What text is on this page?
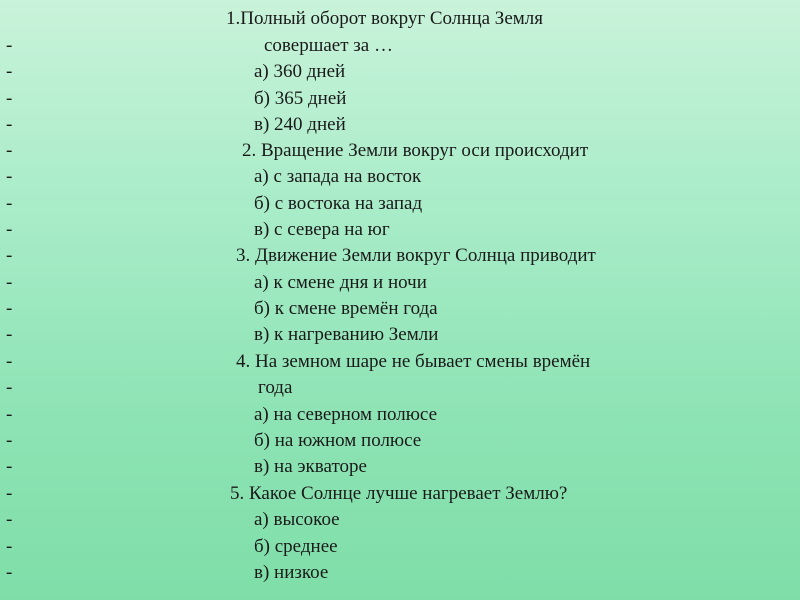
1.Полный оборот вокруг Солнца Земля
-	совершает за …
-	а) 360 дней
-	б) 365 дней
-	в) 240 дней
-	2. Вращение Земли вокруг оси происходит
-	а) с запада на восток
-	б) с востока на запад
-	в) с севера на юг
-	3. Движение Земли вокруг Солнца приводит
-	а) к смене дня и ночи
-	б) к смене времён года
-	в) к нагреванию Земли
-	4. На земном шаре не бывает смены времён
-	года
-	а) на северном полюсе
-	б) на южном полюсе
-	в) на экваторе
-	5. Какое Солнце лучше нагревает Землю?
-	а) высокое
-	б) среднее
-	в) низкое
